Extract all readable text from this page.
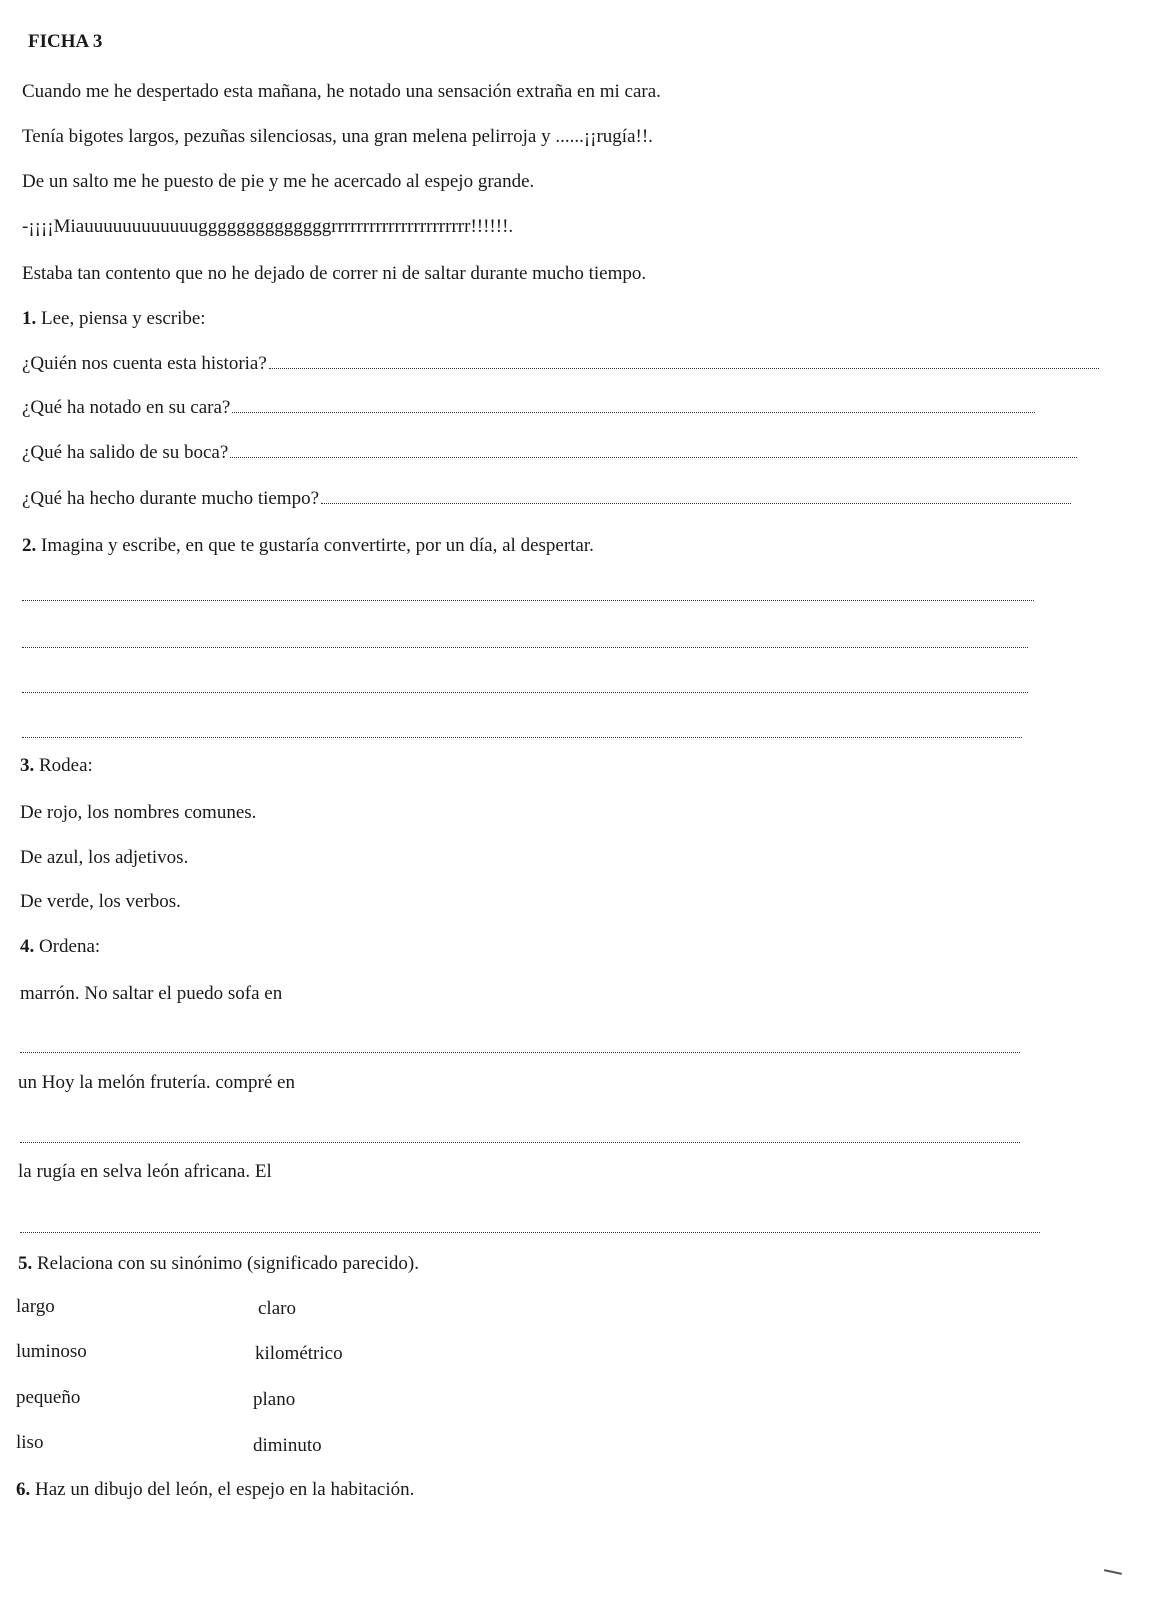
FICHA 3
Cuando me he despertado esta mañana, he notado una sensación extraña en mi cara.
Tenía bigotes largos, pezuñas silenciosas, una gran melena pelirroja y ......¡¡rugía!!.
De un salto me he puesto de pie y me he acercado al espejo grande.
-¡¡¡¡Miauuuuuuuuuuuuggggggggggggggrrrrrrrrrrrrrrrrrrrrrr!!!!!!.
Estaba tan contento que no he dejado de correr ni de saltar durante mucho tiempo.
1. Lee, piensa y escribe:
¿Quién nos cuenta esta historia?
¿Qué ha notado en su cara?
¿Qué ha salido de su boca?
¿Qué ha hecho durante mucho tiempo?
2. Imagina y escribe, en que te gustaría convertirte, por un día, al despertar.
3. Rodea:
De rojo, los nombres comunes.
De azul, los adjetivos.
De verde, los verbos.
4. Ordena:
marrón. No saltar el puedo sofa en
un Hoy la melón frutería. compré en
la rugía en selva león africana. El
5. Relaciona con su sinónimo (significado parecido).
largo	claro
luminoso	kilométrico
pequeño	plano
liso	diminuto
6. Haz un dibujo del león, el espejo en la habitación.
